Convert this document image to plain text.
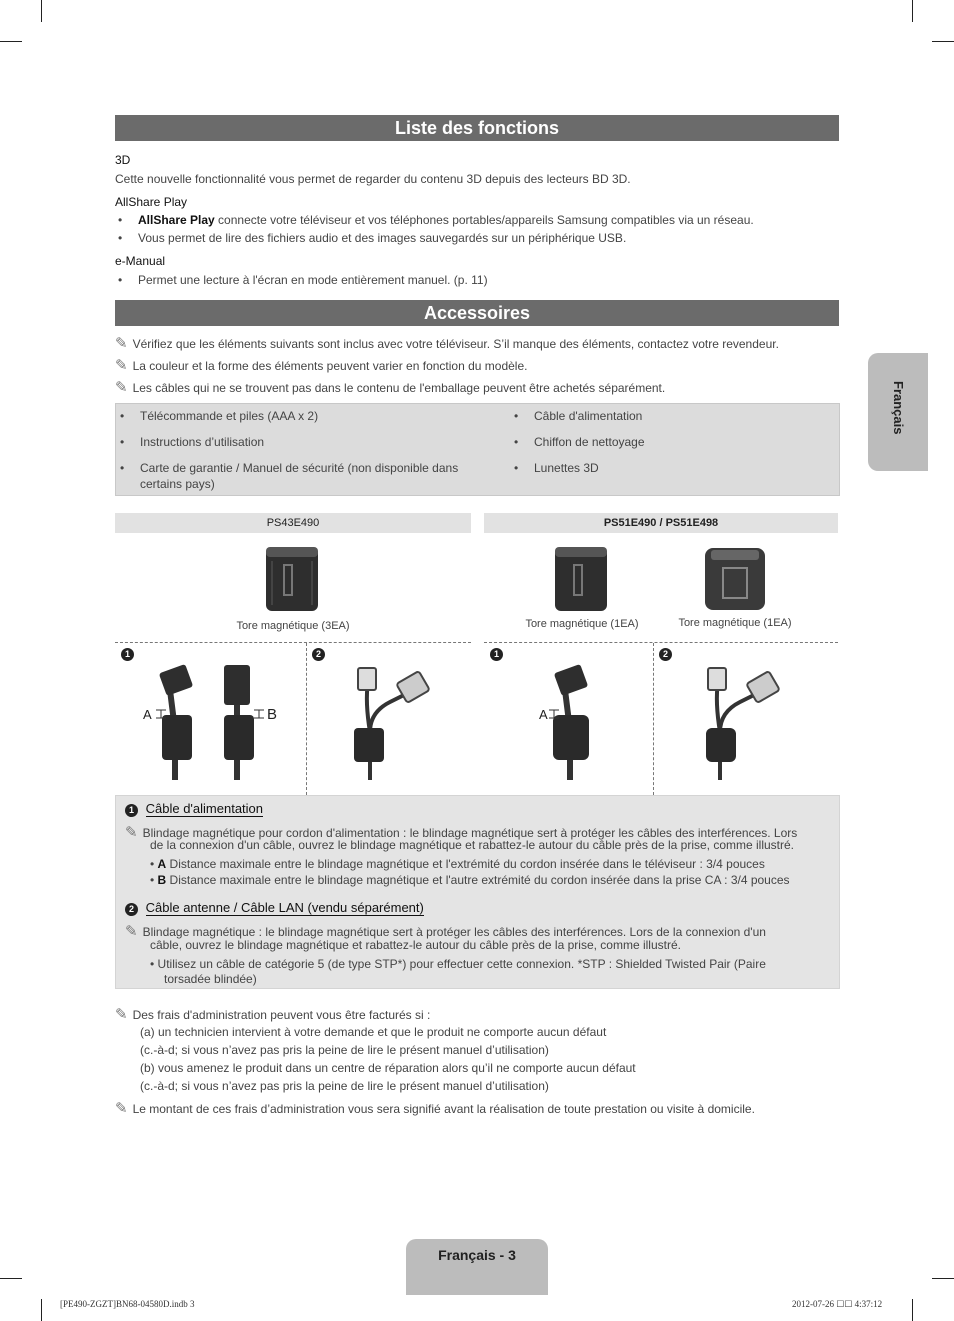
Liste des fonctions
3D
Cette nouvelle fonctionnalité vous permet de regarder du contenu 3D depuis des lecteurs BD 3D.
AllShare Play
• AllShare Play connecte votre téléviseur et vos téléphones portables/appareils Samsung compatibles via un réseau.
• Vous permet de lire des fichiers audio et des images sauvegardés sur un périphérique USB.
e-Manual
• Permet une lecture à l'écran en mode entièrement manuel. (p. 11)
Accessoires
✎ Vérifiez que les éléments suivants sont inclus avec votre téléviseur. S’il manque des éléments, contactez votre revendeur.
✎ La couleur et la forme des éléments peuvent varier en fonction du modèle.
✎ Les câbles qui ne se trouvent pas dans le contenu de l'emballage peuvent être achetés séparément.
• Télécommande et piles (AAA x 2)
• Instructions d’utilisation
• Carte de garantie / Manuel de sécurité (non disponible dans
certains pays)
• Câble d'alimentation
• Chiffon de nettoyage
• Lunettes 3D
PS43E490	PS51E490 / PS51E498
Tore magnétique (3EA)	Tore magnétique (1EA)	Tore magnétique (1EA)
1	2	1	2
A	B	A
1 Câble d'alimentation
✎ Blindage magnétique pour cordon d'alimentation : le blindage magnétique sert à protéger les câbles des interférences. Lors
de la connexion d'un câble, ouvrez le blindage magnétique et rabattez-le autour du câble près de la prise, comme illustré.
• A Distance maximale entre le blindage magnétique et l'extrémité du cordon insérée dans le téléviseur : 3/4 pouces
• B Distance maximale entre le blindage magnétique et l'autre extrémité du cordon insérée dans la prise CA : 3/4 pouces
2 Câble antenne / Câble LAN (vendu séparément)
✎ Blindage magnétique : le blindage magnétique sert à protéger les câbles des interférences. Lors de la connexion d'un
câble, ouvrez le blindage magnétique et rabattez-le autour du câble près de la prise, comme illustré.
• Utilisez un câble de catégorie 5 (de type STP*) pour effectuer cette connexion. *STP : Shielded Twisted Pair (Paire
torsadée blindée)
✎ Des frais d'administration peuvent vous être facturés si :
(a) un technicien intervient à votre demande et que le produit ne comporte aucun défaut
(c.-à-d; si vous n’avez pas pris la peine de lire le présent manuel d’utilisation)
(b) vous amenez le produit dans un centre de réparation alors qu’il ne comporte aucun défaut
(c.-à-d; si vous n’avez pas pris la peine de lire le présent manuel d’utilisation)
✎ Le montant de ces frais d’administration vous sera signifié avant la réalisation de toute prestation ou visite à domicile.
Français
Français - 3
[PE490-ZGZT]BN68-04580D.indb 3	2012-07-26 ☐☐ 4:37:12
